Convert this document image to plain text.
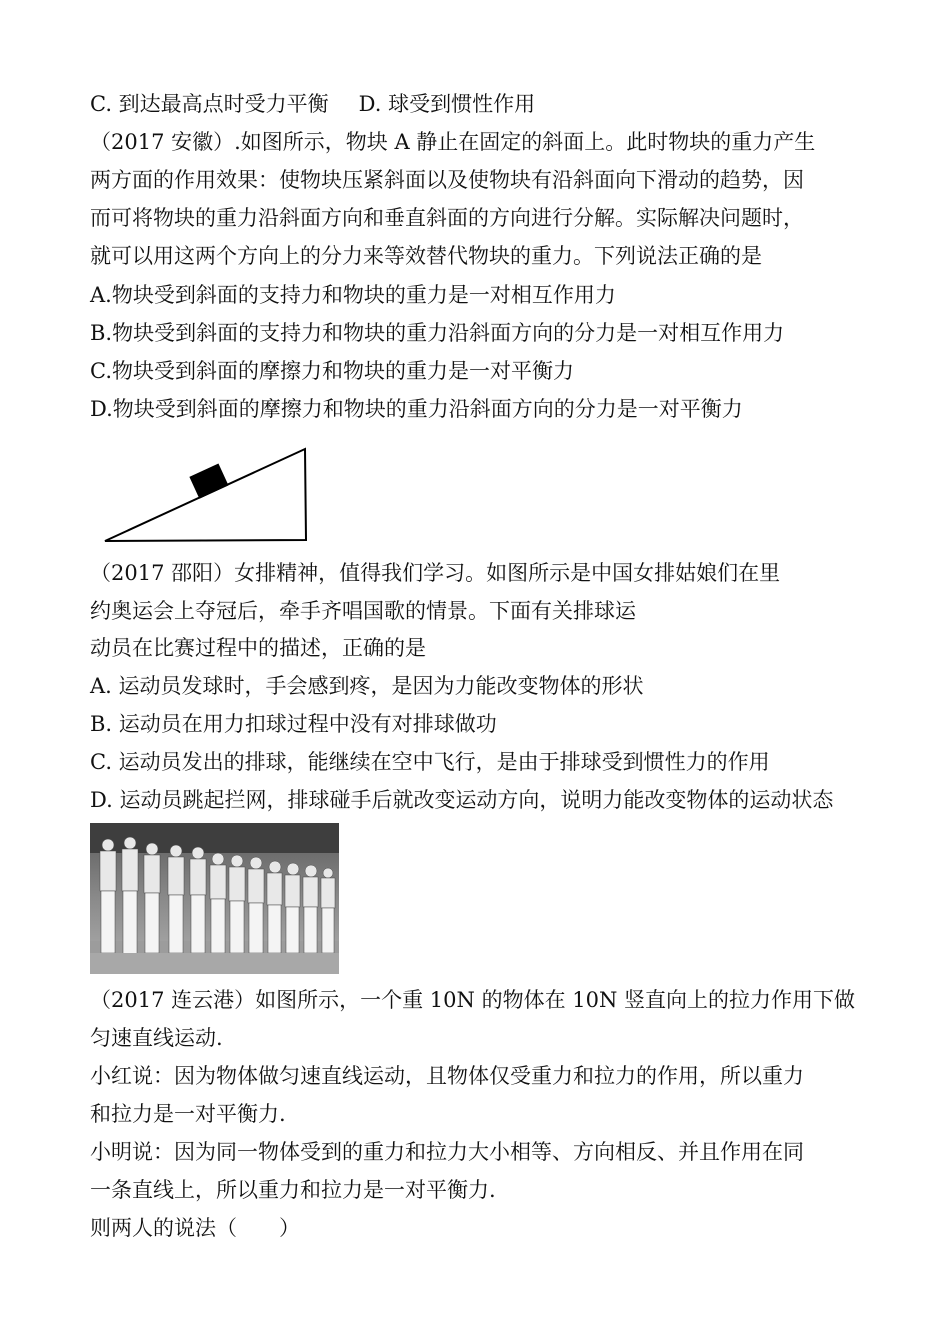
C. 到达最高点时受力平衡 D. 球受到惯性作用
（2017 安徽）.如图所示，物块 A 静止在固定的斜面上。此时物块的重力产生
两方面的作用效果：使物块压紧斜面以及使物块有沿斜面向下滑动的趋势，因
而可将物块的重力沿斜面方向和垂直斜面的方向进行分解。实际解决问题时，
就可以用这两个方向上的分力来等效替代物块的重力。下列说法正确的是
A.物块受到斜面的支持力和物块的重力是一对相互作用力
B.物块受到斜面的支持力和物块的重力沿斜面方向的分力是一对相互作用力
C.物块受到斜面的摩擦力和物块的重力是一对平衡力
D.物块受到斜面的摩擦力和物块的重力沿斜面方向的分力是一对平衡力
（2017 邵阳）女排精神，值得我们学习。如图所示是中国女排姑娘们在里
约奥运会上夺冠后，牵手齐唱国歌的情景。下面有关排球运
动员在比赛过程中的描述，正确的是
A. 运动员发球时，手会感到疼，是因为力能改变物体的形状
B. 运动员在用力扣球过程中没有对排球做功
C. 运动员发出的排球，能继续在空中飞行，是由于排球受到惯性力的作用
D. 运动员跳起拦网，排球碰手后就改变运动方向，说明力能改变物体的运动状态
（2017 连云港）如图所示，一个重 10N 的物体在 10N 竖直向上的拉力作用下做
匀速直线运动.
小红说：因为物体做匀速直线运动，且物体仅受重力和拉力的作用，所以重力
和拉力是一对平衡力.
小明说：因为同一物体受到的重力和拉力大小相等、方向相反、并且作用在同
一条直线上，所以重力和拉力是一对平衡力.
则两人的说法（　　）
